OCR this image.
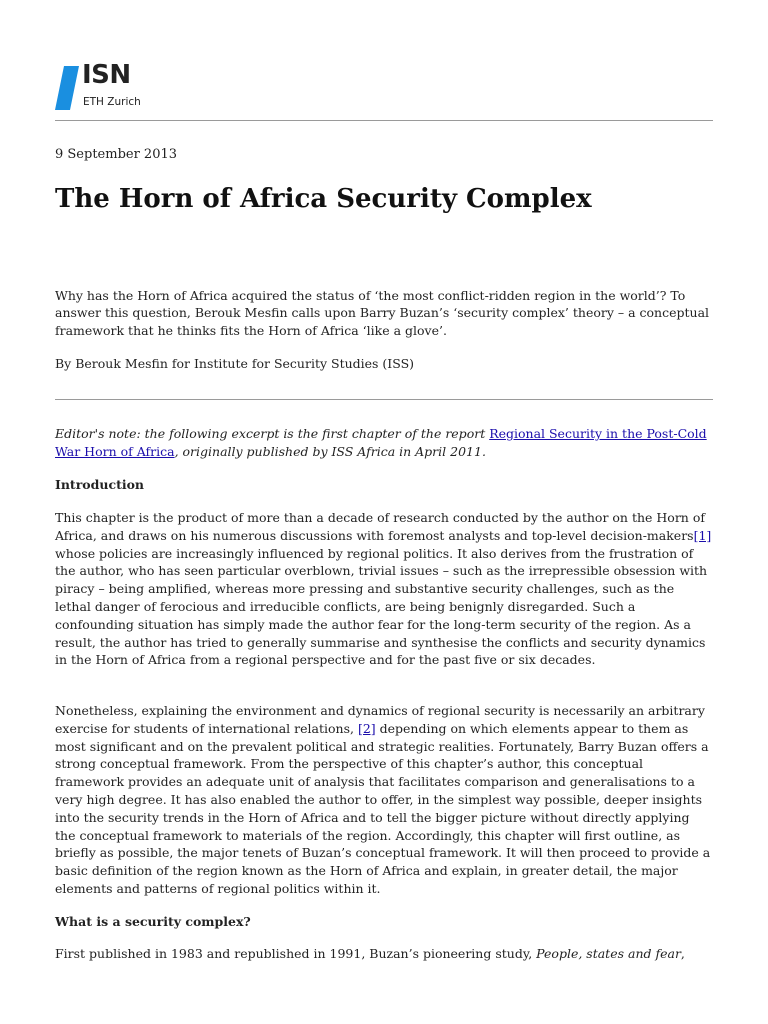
ISN
ETH Zurich
9 September 2013
The Horn of Africa Security Complex

Why has the Horn of Africa acquired the status of ‘the most conflict-ridden region in the world’? To answer this question, Berouk Mesfin calls upon Barry Buzan’s ‘security complex’ theory – a conceptual framework that he thinks fits the Horn of Africa ‘like a glove’.

By Berouk Mesfin for Institute for Security Studies (ISS)

Editor's note: the following excerpt is the first chapter of the report Regional Security in the Post-Cold War Horn of Africa, originally published by ISS Africa in April 2011.

Introduction

This chapter is the product of more than a decade of research conducted by the author on the Horn of Africa, and draws on his numerous discussions with foremost analysts and top-level decision-makers[1] whose policies are increasingly influenced by regional politics. It also derives from the frustration of the author, who has seen particular overblown, trivial issues – such as the irrepressible obsession with piracy – being amplified, whereas more pressing and substantive security challenges, such as the lethal danger of ferocious and irreducible conflicts, are being benignly disregarded. Such a confounding situation has simply made the author fear for the long-term security of the region. As a result, the author has tried to generally summarise and synthesise the conflicts and security dynamics in the Horn of Africa from a regional perspective and for the past five or six decades.

Nonetheless, explaining the environment and dynamics of regional security is necessarily an arbitrary exercise for students of international relations, [2] depending on which elements appear to them as most significant and on the prevalent political and strategic realities. Fortunately, Barry Buzan offers a strong conceptual framework. From the perspective of this chapter’s author, this conceptual framework provides an adequate unit of analysis that facilitates comparison and generalisations to a very high degree. It has also enabled the author to offer, in the simplest way possible, deeper insights into the security trends in the Horn of Africa and to tell the bigger picture without directly applying the conceptual framework to materials of the region. Accordingly, this chapter will first outline, as briefly as possible, the major tenets of Buzan’s conceptual framework. It will then proceed to provide a basic definition of the region known as the Horn of Africa and explain, in greater detail, the major elements and patterns of regional politics within it.

What is a security complex?

First published in 1983 and republished in 1991, Buzan’s pioneering study, People, states and fear,
